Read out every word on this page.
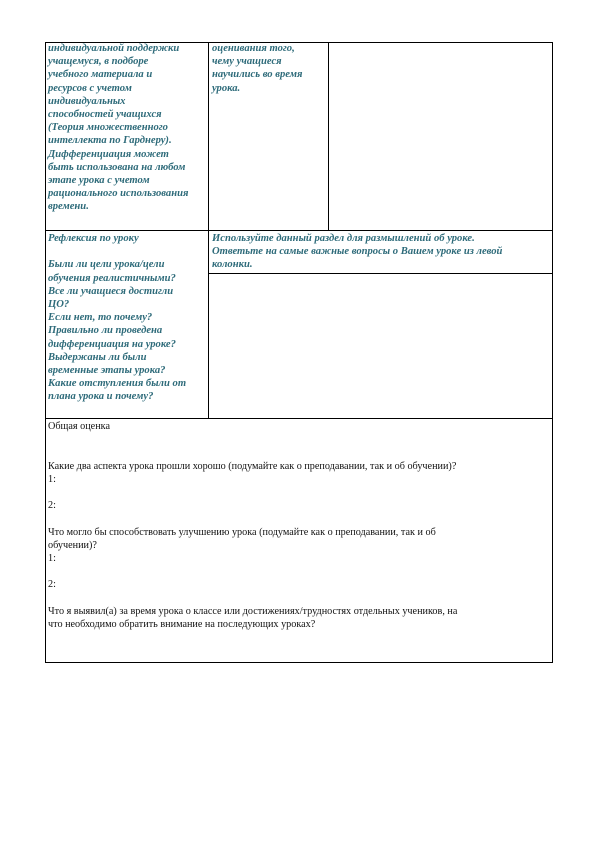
индивидуальной поддержки
учащемуся, в подборе
учебного материала и
ресурсов с учетом
индивидуальных
способностей учащихся
(Теория множественного
интеллекта по Гарднеру).
Дифференциация может
быть использована на любом
этапе урока с учетом
рационального использования
времени.
оценивания того,
чему учащиеся
научились во время
урока.
Рефлексия по уроку
Были ли цели урока/цели
обучения реалистичными?
Все ли учащиеся достигли
ЦО?
Если нет, то почему?
Правильно ли проведена
дифференциация на уроке?
Выдержаны ли были
временные этапы урока?
Какие отступления были от
плана урока и почему?
Используйте данный раздел для размышлений об уроке.
Ответьте на самые важные вопросы о Вашем уроке из левой
колонки.
Общая оценка
Какие два аспекта урока прошли хорошо (подумайте как о преподавании, так и об обучении)?
1:
2:
Что могло бы способствовать улучшению урока (подумайте как о преподавании, так и об
обучении)?
1:
2:
Что я выявил(а) за время урока о классе или достижениях/трудностях отдельных учеников, на
что необходимо обратить внимание на последующих уроках?
